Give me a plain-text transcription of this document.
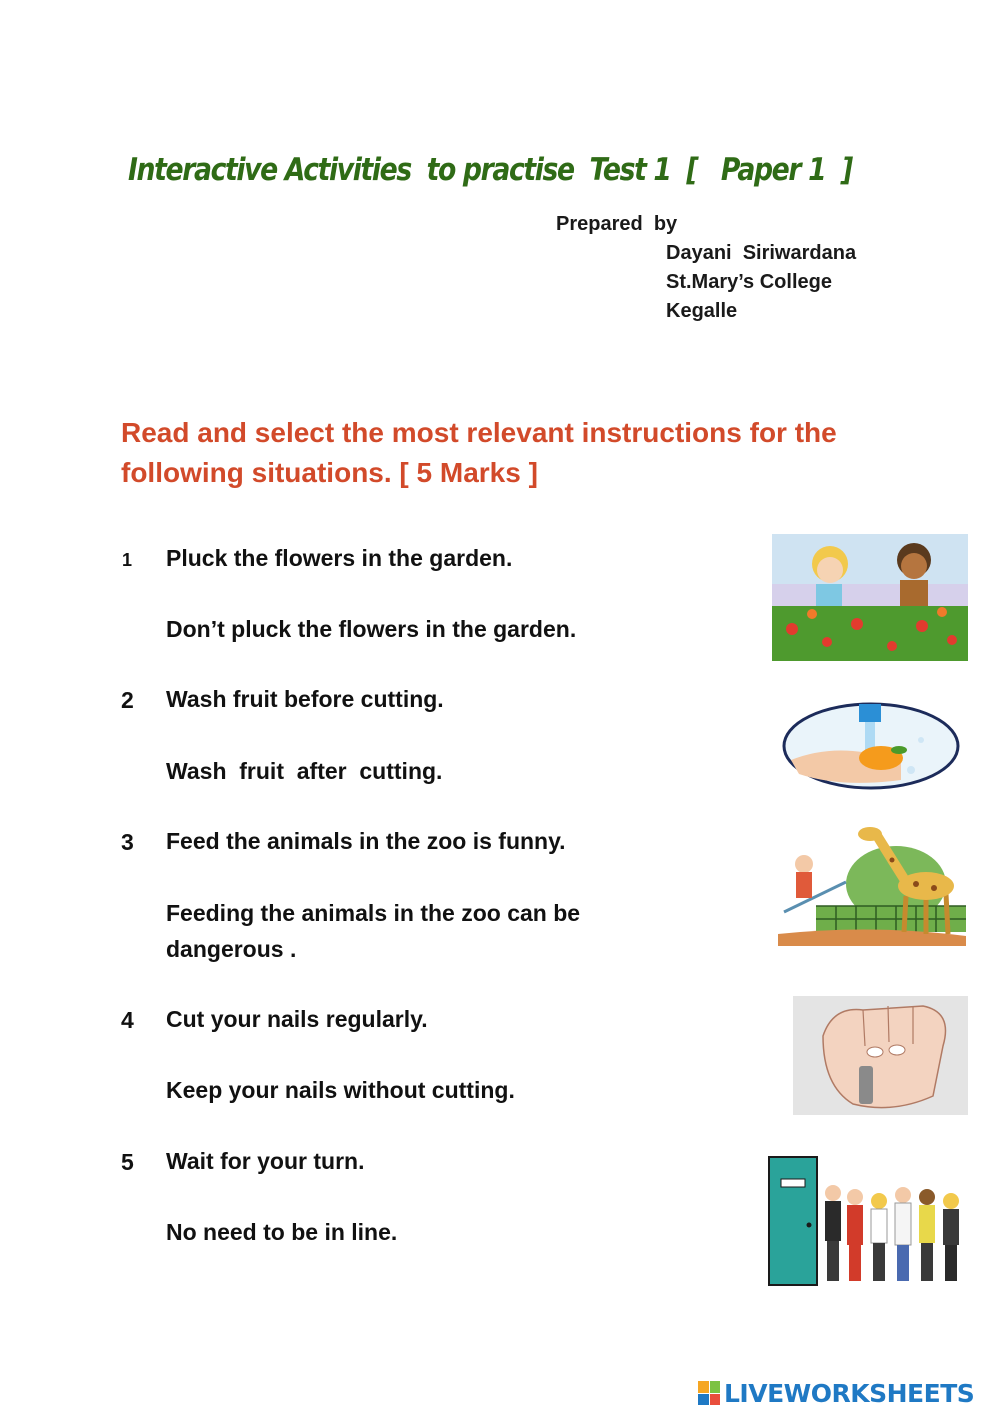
Interactive Activities  to practise  Test 1  [   Paper 1  ]
Prepared  by
Dayani  Siriwardana
St.Mary’s College
Kegalle
Read and select the most relevant instructions for the following situations. [ 5 Marks ]
1 Pluck the flowers in the garden.
Don’t pluck the flowers in the garden.
2 Wash fruit before cutting.
Wash  fruit  after  cutting.
3 Feed the animals in the zoo is funny.
Feeding the animals in the zoo can be
dangerous .
4 Cut your nails regularly.
Keep your nails without cutting.
5 Wait for your turn.
No need to be in line.
LIVEWORKSHEETS
